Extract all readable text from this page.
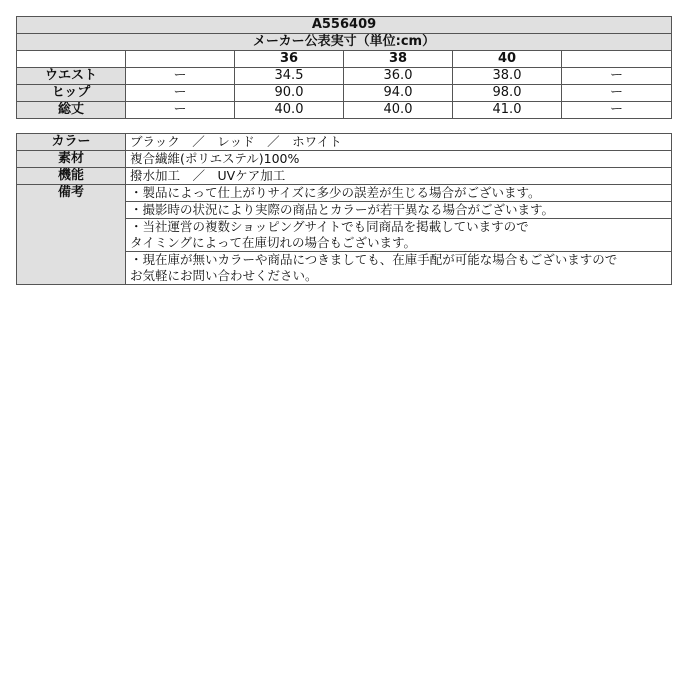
A556409					
メーカー公表実寸（単位:cm）					
		36	38	40	
ウエスト	ー	34.5	36.0	38.0	ー
ヒップ	ー	90.0	94.0	98.0	ー
総丈	ー	40.0	40.0	41.0	ー
カラー	ブラック　／　レッド　／　ホワイト
素材	複合繊維(ポリエステル)100%
機能	撥水加工　／　UVケア加工
備考	・製品によって仕上がりサイズに多少の誤差が生じる場合がございます。
	・撮影時の状況により実際の商品とカラーが若干異なる場合がございます。
	・当社運営の複数ショッピングサイトでも同商品を掲載していますので
タイミングによって在庫切れの場合もございます。
	・現在庫が無いカラーや商品につきましても、在庫手配が可能な場合もございますので
お気軽にお問い合わせください。
